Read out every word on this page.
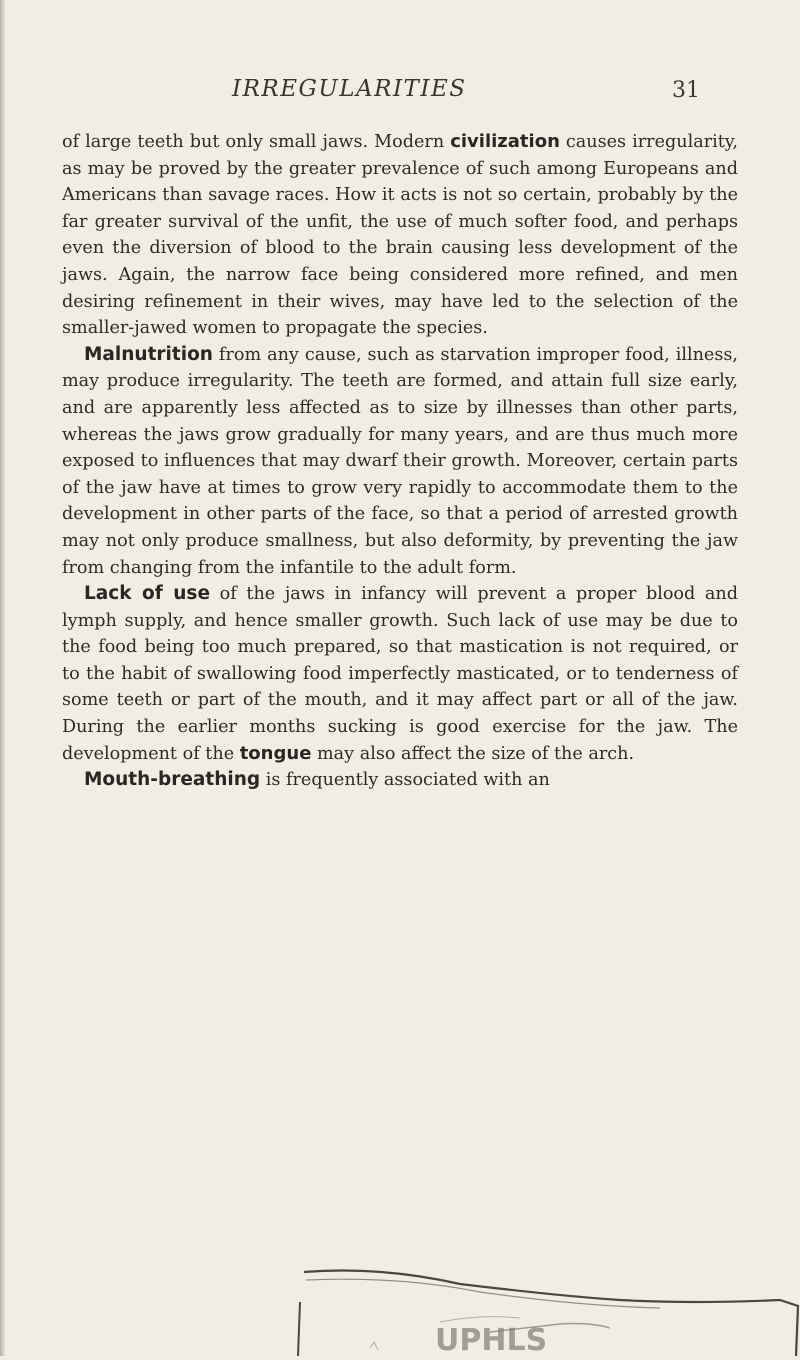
IRREGULARITIES	31

of large teeth but only small jaws. Modern civilization causes irregularity, as may be proved by the greater prevalence of such among Europeans and Americans than savage races. How it acts is not so certain, probably by the far greater survival of the unfit, the use of much softer food, and perhaps even the diversion of blood to the brain causing less development of the jaws. Again, the narrow face being considered more refined, and men desiring refinement in their wives, may have led to the selection of the smaller-jawed women to propagate the species.

Malnutrition from any cause, such as starvation improper food, illness, may produce irregularity. The teeth are formed, and attain full size early, and are apparently less affected as to size by illnesses than other parts, whereas the jaws grow gradually for many years, and are thus much more exposed to influences that may dwarf their growth. Moreover, certain parts of the jaw have at times to grow very rapidly to accommodate them to the development in other parts of the face, so that a period of arrested growth may not only produce smallness, but also deformity, by preventing the jaw from changing from the infantile to the adult form.

Lack of use of the jaws in infancy will prevent a proper blood and lymph supply, and hence smaller growth. Such lack of use may be due to the food being too much prepared, so that mastication is not required, or to the habit of swallowing food imperfectly masticated, or to tenderness of some teeth or part of the mouth, and it may affect part or all of the jaw. During the earlier months sucking is good exercise for the jaw. The development of the tongue may also affect the size of the arch.

Mouth-breathing is frequently associated with an

UPHLS
